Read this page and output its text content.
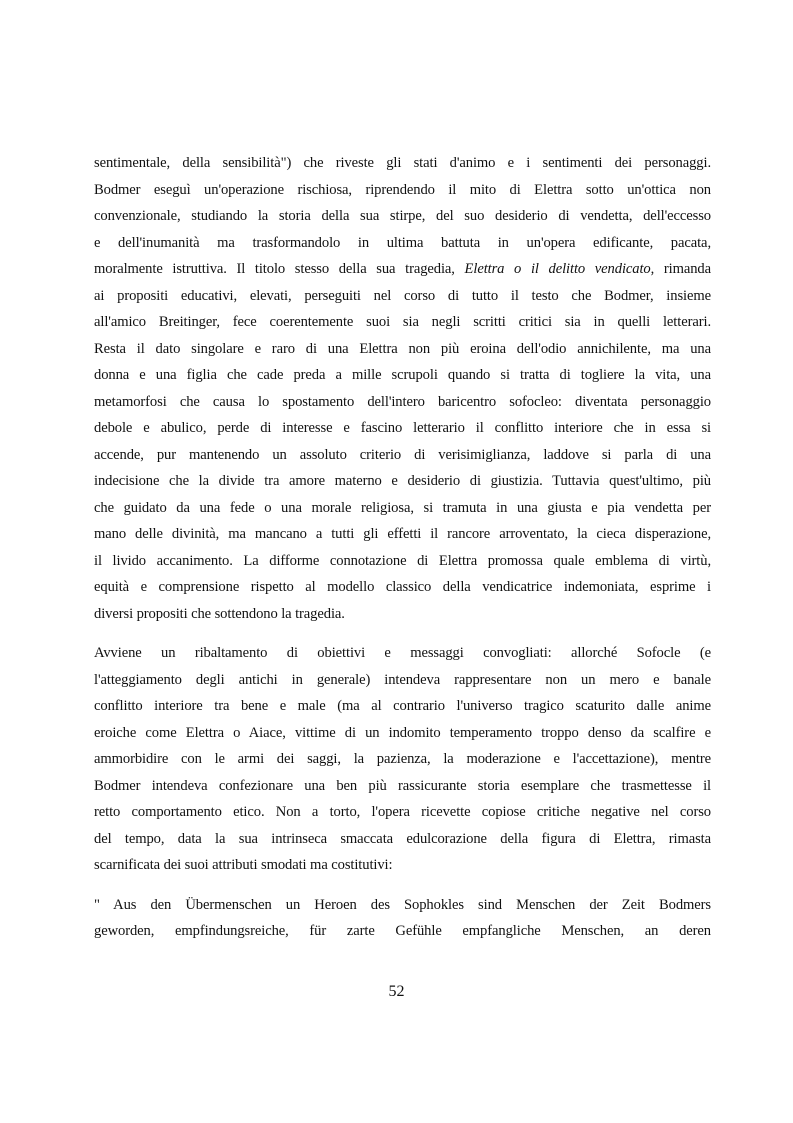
sentimentale, della sensibilità") che riveste gli stati d'animo e i sentimenti dei personaggi.
Bodmer eseguì un'operazione rischiosa, riprendendo il mito di Elettra sotto un'ottica non
convenzionale, studiando la storia della sua stirpe, del suo desiderio di vendetta, dell'eccesso
e dell'inumanità ma trasformandolo in ultima battuta in un'opera edificante, pacata,
moralmente istruttiva. Il titolo stesso della sua tragedia, Elettra o il delitto vendicato, rimanda
ai propositi educativi, elevati, perseguiti nel corso di tutto il testo che Bodmer, insieme
all'amico Breitinger, fece coerentemente suoi sia negli scritti critici sia in quelli letterari.
Resta il dato singolare e raro di una Elettra non più eroina dell'odio annichilente, ma una
donna e una figlia che cade preda a mille scrupoli quando si tratta di togliere la vita, una
metamorfosi che causa lo spostamento dell'intero baricentro sofocleo: diventata personaggio
debole e abulico, perde di interesse e fascino letterario il conflitto interiore che in essa si
accende, pur mantenendo un assoluto criterio di verisimiglianza, laddove si parla di una
indecisione che la divide tra amore materno e desiderio di giustizia. Tuttavia quest'ultimo, più
che guidato da una fede o una morale religiosa, si tramuta in una giusta e pia vendetta per
mano delle divinità, ma mancano a tutti gli effetti il rancore arroventato, la cieca disperazione,
il livido accanimento. La difforme connotazione di Elettra promossa quale emblema di virtù,
equità e comprensione rispetto al modello classico della vendicatrice indemoniata, esprime i
diversi propositi che sottendono la tragedia.

Avviene un ribaltamento di obiettivi e messaggi convogliati: allorché Sofocle (e
l'atteggiamento degli antichi in generale) intendeva rappresentare non un mero e banale
conflitto interiore tra bene e male (ma al contrario l'universo tragico scaturito dalle anime
eroiche come Elettra o Aiace, vittime di un indomito temperamento troppo denso da scalfire e
ammorbidire con le armi dei saggi, la pazienza, la moderazione e l'accettazione), mentre
Bodmer intendeva confezionare una ben più rassicurante storia esemplare che trasmettesse il
retto comportamento etico. Non a torto, l'opera ricevette copiose critiche negative nel corso
del tempo, data la sua intrinseca smaccata edulcorazione della figura di Elettra, rimasta
scarnificata dei suoi attributi smodati ma costitutivi:

" Aus den Übermenschen un Heroen des Sophokles sind Menschen der Zeit Bodmers
geworden, empfindungsreiche, für zarte Gefühle empfangliche Menschen, an deren

52
